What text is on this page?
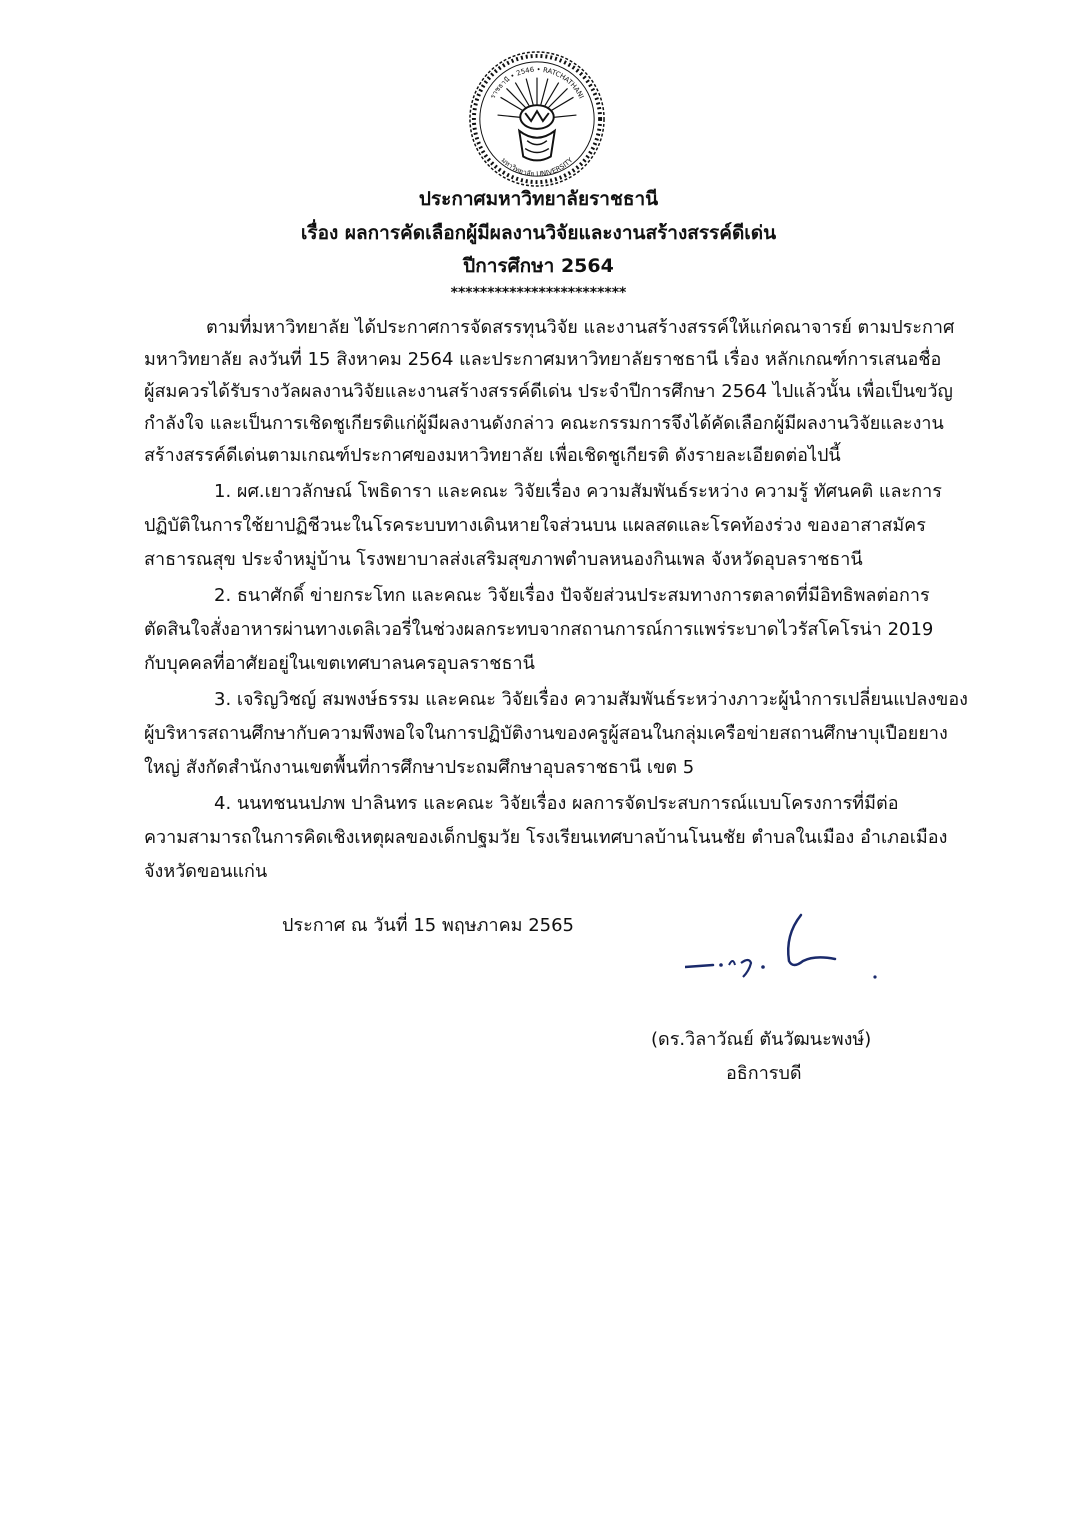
ราชธานี • 2546 • RATCHATHANI
มหาวิทยาลัย UNIVERSITY
ประกาศมหาวิทยาลัยราชธานี
เรื่อง ผลการคัดเลือกผู้มีผลงานวิจัยและงานสร้างสรรค์ดีเด่น
ปีการศึกษา 2564
************************
ตามที่มหาวิทยาลัย ได้ประกาศการจัดสรรทุนวิจัย และงานสร้างสรรค์ให้แก่คณาจารย์ ตามประกาศ
มหาวิทยาลัย ลงวันที่ 15 สิงหาคม 2564 และประกาศมหาวิทยาลัยราชธานี เรื่อง หลักเกณฑ์การเสนอชื่อ
ผู้สมควรได้รับรางวัลผลงานวิจัยและงานสร้างสรรค์ดีเด่น ประจำปีการศึกษา 2564 ไปแล้วนั้น เพื่อเป็นขวัญ
กำลังใจ และเป็นการเชิดชูเกียรติแก่ผู้มีผลงานดังกล่าว คณะกรรมการจึงได้คัดเลือกผู้มีผลงานวิจัยและงาน
สร้างสรรค์ดีเด่นตามเกณฑ์ประกาศของมหาวิทยาลัย เพื่อเชิดชูเกียรติ ดังรายละเอียดต่อไปนี้
1. ผศ.เยาวลักษณ์ โพธิดารา และคณะ วิจัยเรื่อง ความสัมพันธ์ระหว่าง ความรู้ ทัศนคติ และการ
ปฏิบัติในการใช้ยาปฏิชีวนะในโรคระบบทางเดินหายใจส่วนบน แผลสดและโรคท้องร่วง ของอาสาสมัคร
สาธารณสุข ประจำหมู่บ้าน โรงพยาบาลส่งเสริมสุขภาพตำบลหนองกินเพล จังหวัดอุบลราชธานี
2. ธนาศักดิ์ ข่ายกระโทก และคณะ วิจัยเรื่อง ปัจจัยส่วนประสมทางการตลาดที่มีอิทธิพลต่อการ
ตัดสินใจสั่งอาหารผ่านทางเดลิเวอรี่ในช่วงผลกระทบจากสถานการณ์การแพร่ระบาดไวรัสโคโรน่า 2019
กับบุคคลที่อาศัยอยู่ในเขตเทศบาลนครอุบลราชธานี
3. เจริญวิชญ์ สมพงษ์ธรรม และคณะ วิจัยเรื่อง ความสัมพันธ์ระหว่างภาวะผู้นำการเปลี่ยนแปลงของ
ผู้บริหารสถานศึกษากับความพึงพอใจในการปฏิบัติงานของครูผู้สอนในกลุ่มเครือข่ายสถานศึกษาบุเปือยยาง
ใหญ่ สังกัดสำนักงานเขตพื้นที่การศึกษาประถมศึกษาอุบลราชธานี เขต 5
4. นนทชนนปภพ ปาลินทร และคณะ วิจัยเรื่อง ผลการจัดประสบการณ์แบบโครงการที่มีต่อ
ความสามารถในการคิดเชิงเหตุผลของเด็กปฐมวัย โรงเรียนเทศบาลบ้านโนนชัย ตำบลในเมือง อำเภอเมือง
จังหวัดขอนแก่น
ประกาศ ณ วันที่ 15 พฤษภาคม 2565
(ดร.วิลาวัณย์ ตันวัฒนะพงษ์)
อธิการบดี
